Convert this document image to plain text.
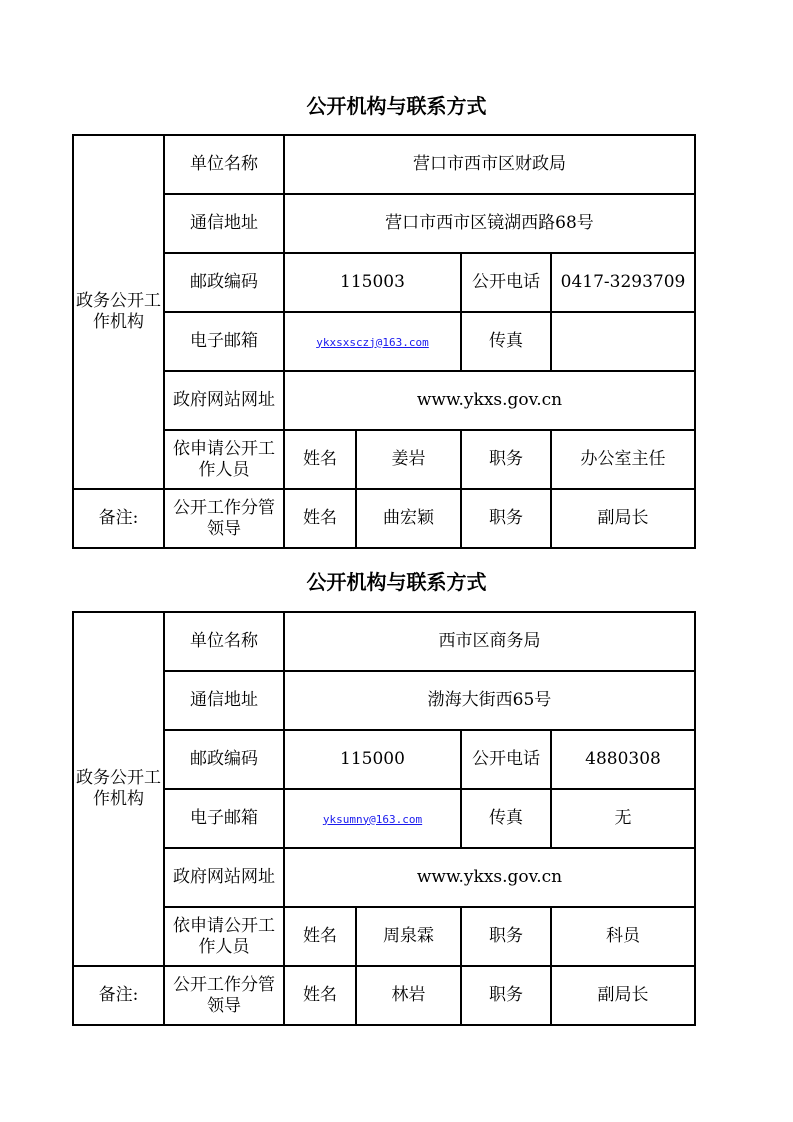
公开机构与联系方式
政务公开工作机构	单位名称	营口市西市区财政局			
	通信地址	营口市西市区镜湖西路68号			
	邮政编码	115003		公开电话	0417-3293709
	电子邮箱	ykxsxsczj@163.com		传真	
	政府网站网址	www.ykxs.gov.cn			
	依申请公开工作人员	姓名	姜岩	职务	办公室主任
备注:	公开工作分管领导	姓名	曲宏颖	职务	副局长
公开机构与联系方式
政务公开工作机构	单位名称	西市区商务局			
	通信地址	渤海大街西65号			
	邮政编码	115000		公开电话	4880308
	电子邮箱	yksumny@163.com		传真	无
	政府网站网址	www.ykxs.gov.cn			
	依申请公开工作人员	姓名	周泉霖	职务	科员
备注:	公开工作分管领导	姓名	林岩	职务	副局长
